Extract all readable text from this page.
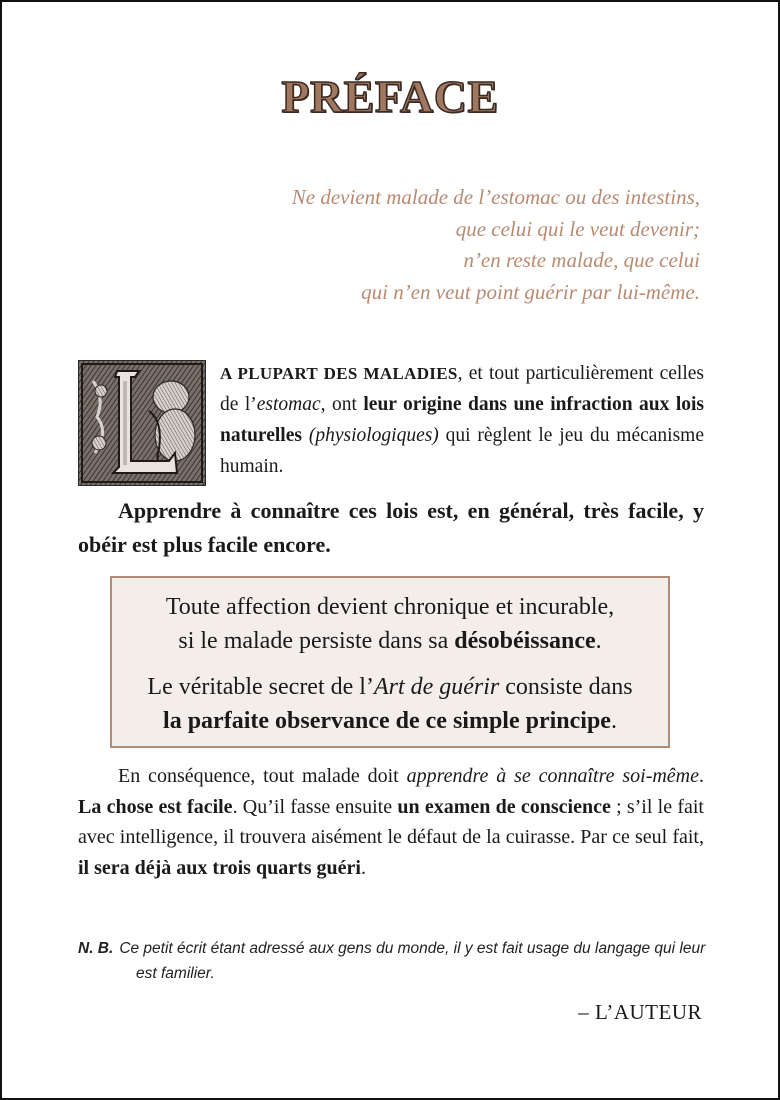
PRÉFACE
Ne devient malade de l’estomac ou des intestins,
que celui qui le veut devenir;
n’en reste malade, que celui
qui n’en veut point guérir par lui-même.

A PLUPART DES MALADIES, et tout particulièrement celles de l’estomac, ont leur origine dans une infraction aux lois naturelles (physiologiques) qui règlent le jeu du mécanisme humain.

Apprendre à connaître ces lois est, en général, très facile, y obéir est plus facile encore.

Toute affection devient chronique et incurable,
si le malade persiste dans sa désobéissance.

Le véritable secret de l’Art de guérir consiste dans
la parfaite observance de ce simple principe.

En conséquence, tout malade doit apprendre à se connaître soi-même. La chose est facile. Qu’il fasse ensuite un examen de conscience ; s’il le fait avec intelligence, il trouvera aisément le défaut de la cuirasse. Par ce seul fait, il sera déjà aux trois quarts guéri.

N. B. Ce petit écrit étant adressé aux gens du monde, il y est fait usage du langage qui leur est familier.
– L’AUTEUR
